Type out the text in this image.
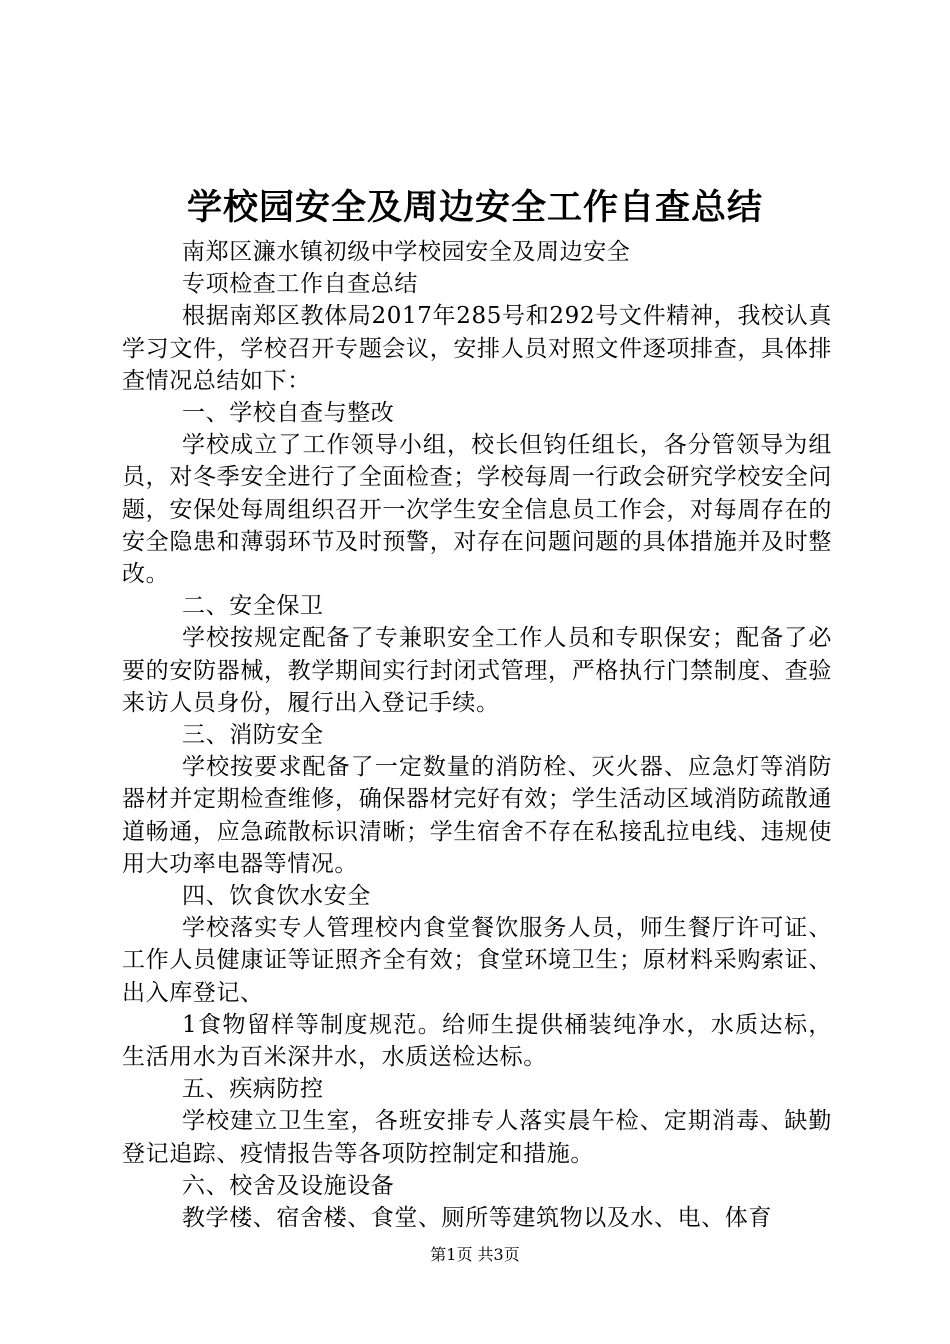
学校园安全及周边安全工作自查总结

南郑区濂水镇初级中学校园安全及周边安全

专项检查工作自查总结

根据南郑区教体局2017年285号和292号文件精神，我校认真学习文件，学校召开专题会议，安排人员对照文件逐项排查，具体排查情况总结如下：

一、学校自查与整改

学校成立了工作领导小组，校长但钧任组长，各分管领导为组员，对冬季安全进行了全面检查；学校每周一行政会研究学校安全问题，安保处每周组织召开一次学生安全信息员工作会，对每周存在的安全隐患和薄弱环节及时预警，对存在问题问题的具体措施并及时整改。

二、安全保卫

学校按规定配备了专兼职安全工作人员和专职保安；配备了必要的安防器械，教学期间实行封闭式管理，严格执行门禁制度、查验来访人员身份，履行出入登记手续。

三、消防安全

学校按要求配备了一定数量的消防栓、灭火器、应急灯等消防器材并定期检查维修，确保器材完好有效；学生活动区域消防疏散通道畅通，应急疏散标识清晰；学生宿舍不存在私接乱拉电线、违规使用大功率电器等情况。

四、饮食饮水安全

学校落实专人管理校内食堂餐饮服务人员，师生餐厅许可证、工作人员健康证等证照齐全有效；食堂环境卫生；原材料采购索证、出入库登记、

1食物留样等制度规范。给师生提供桶装纯净水，水质达标，生活用水为百米深井水，水质送检达标。

五、疾病防控

学校建立卫生室，各班安排专人落实晨午检、定期消毒、缺勤登记追踪、疫情报告等各项防控制定和措施。

六、校舍及设施设备

教学楼、宿舍楼、食堂、厕所等建筑物以及水、电、体育

第1页 共3页
